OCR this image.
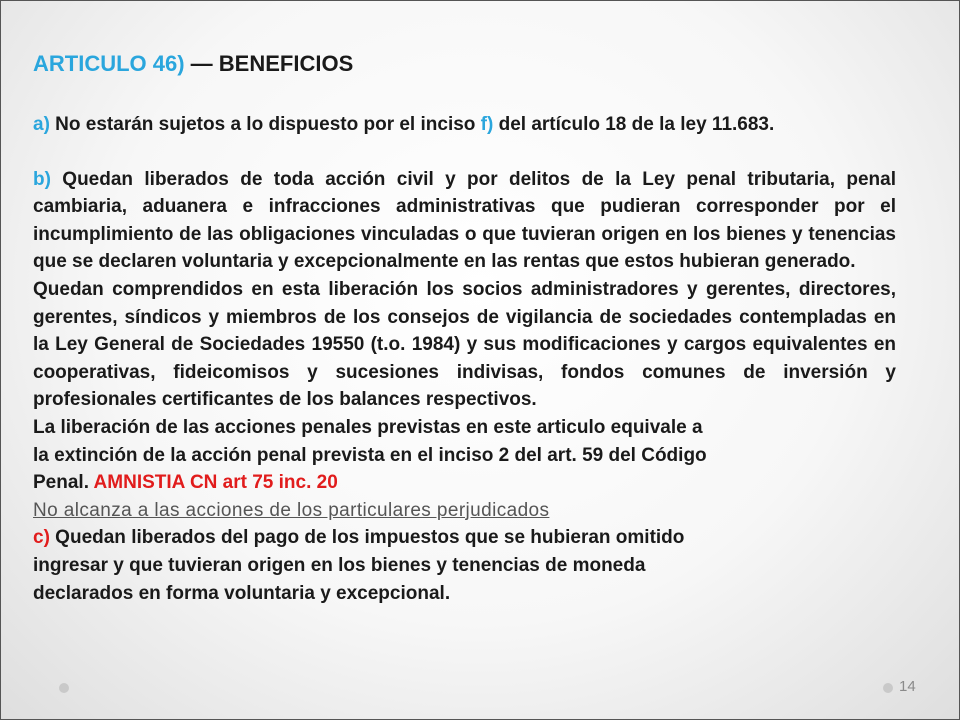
ARTICULO 46) — BENEFICIOS

a) No estarán sujetos a lo dispuesto por el inciso f) del artículo 18 de la ley 11.683.

b) Quedan liberados de toda acción civil y por delitos de la Ley penal tributaria, penal cambiaria, aduanera e infracciones administrativas que pudieran corresponder por el incumplimiento de las obligaciones vinculadas o que tuvieran origen en los bienes y tenencias que se declaren voluntaria y excepcionalmente en las rentas que estos hubieran generado.

Quedan comprendidos en esta liberación los socios administradores y gerentes, directores, gerentes, síndicos y miembros de los consejos de vigilancia de sociedades contempladas en la Ley General de Sociedades 19550 (t.o. 1984) y sus modificaciones y cargos equivalentes en cooperativas, fideicomisos y sucesiones indivisas, fondos comunes de inversión y profesionales certificantes de los balances respectivos.

La liberación de las acciones penales previstas en este articulo equivale a
la extinción de la acción penal prevista en el inciso 2 del art. 59 del Código
Penal. AMNISTIA CN art 75 inc. 20

No alcanza a las acciones de los particulares perjudicados

c) Quedan liberados del pago de los impuestos que se hubieran omitido
ingresar y que tuvieran origen en los bienes y tenencias de moneda
declarados en forma voluntaria y excepcional.

14
